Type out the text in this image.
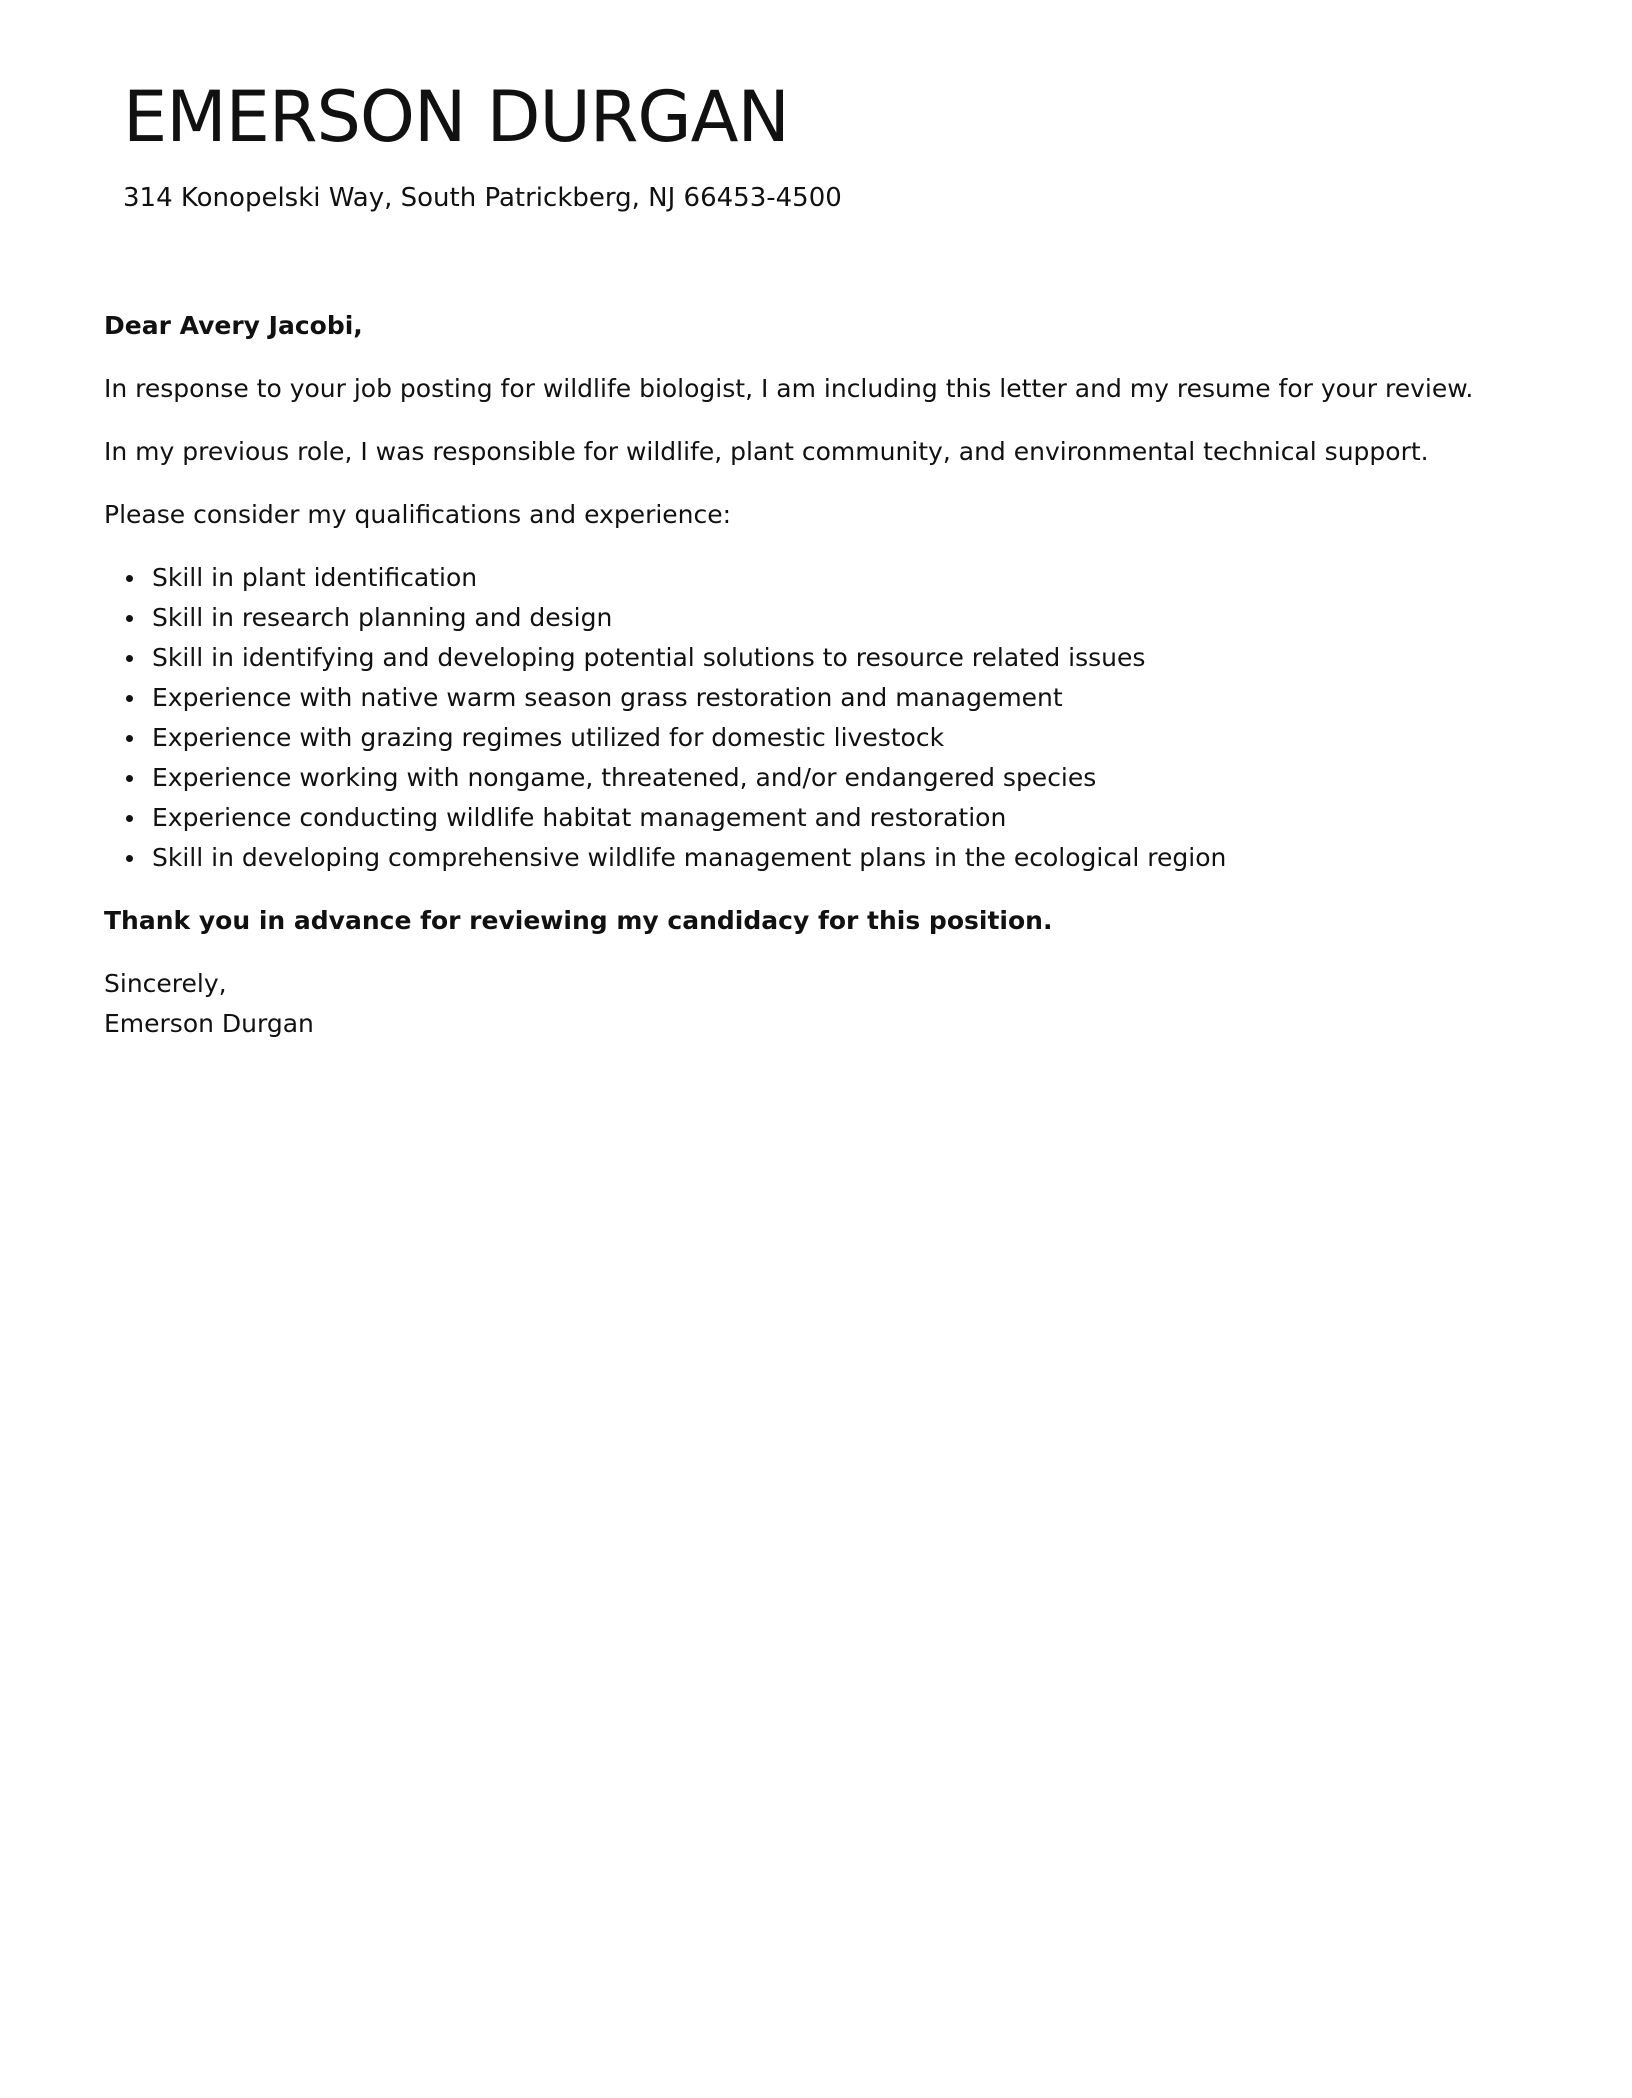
EMERSON DURGAN
314 Konopelski Way, South Patrickberg, NJ 66453-4500

Dear Avery Jacobi,

In response to your job posting for wildlife biologist, I am including this letter and my resume for your review.

In my previous role, I was responsible for wildlife, plant community, and environmental technical support.

Please consider my qualifications and experience:

Skill in plant identification
Skill in research planning and design
Skill in identifying and developing potential solutions to resource related issues
Experience with native warm season grass restoration and management
Experience with grazing regimes utilized for domestic livestock
Experience working with nongame, threatened, and/or endangered species
Experience conducting wildlife habitat management and restoration
Skill in developing comprehensive wildlife management plans in the ecological region

Thank you in advance for reviewing my candidacy for this position.

Sincerely,
Emerson Durgan
